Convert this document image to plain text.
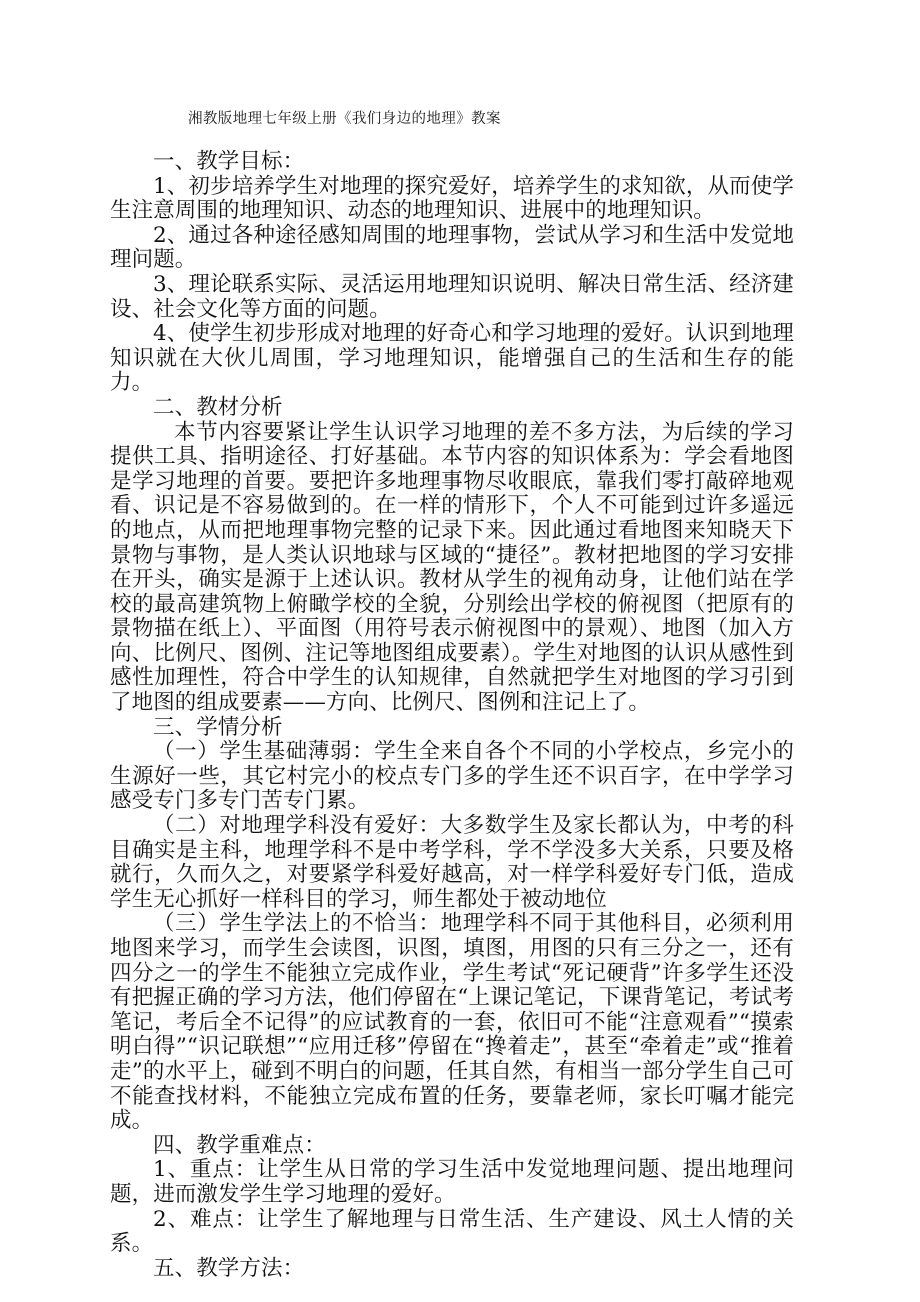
湘教版地理七年级上册《我们身边的地理》教案

一、教学目标：

1、初步培养学生对地理的探究爱好，培养学生的求知欲，从而使学生注意周围的地理知识、动态的地理知识、进展中的地理知识。

2、通过各种途径感知周围的地理事物，尝试从学习和生活中发觉地理问题。

3、理论联系实际、灵活运用地理知识说明、解决日常生活、经济建设、社会文化等方面的问题。

4、使学生初步形成对地理的好奇心和学习地理的爱好。认识到地理知识就在大伙儿周围，学习地理知识，能增强自己的生活和生存的能力。

二、教材分析

本节内容要紧让学生认识学习地理的差不多方法，为后续的学习提供工具、指明途径、打好基础。本节内容的知识体系为：学会看地图是学习地理的首要。要把许多地理事物尽收眼底，靠我们零打敲碎地观看、识记是不容易做到的。在一样的情形下，个人不可能到过许多遥远的地点，从而把地理事物完整的记录下来。因此通过看地图来知晓天下景物与事物，是人类认识地球与区域的“捷径”。教材把地图的学习安排在开头，确实是源于上述认识。教材从学生的视角动身，让他们站在学校的最高建筑物上俯瞰学校的全貌，分别绘出学校的俯视图（把原有的景物描在纸上）、平面图（用符号表示俯视图中的景观）、地图（加入方向、比例尺、图例、注记等地图组成要素）。学生对地图的认识从感性到感性加理性，符合中学生的认知规律，自然就把学生对地图的学习引到了地图的组成要素——方向、比例尺、图例和注记上了。

三、学情分析

（一）学生基础薄弱：学生全来自各个不同的小学校点，乡完小的生源好一些，其它村完小的校点专门多的学生还不识百字，在中学学习感受专门多专门苦专门累。

（二）对地理学科没有爱好：大多数学生及家长都认为，中考的科目确实是主科，地理学科不是中考学科，学不学没多大关系，只要及格就行，久而久之，对要紧学科爱好越高，对一样学科爱好专门低，造成学生无心抓好一样科目的学习，师生都处于被动地位

（三）学生学法上的不恰当：地理学科不同于其他科目，必须利用地图来学习，而学生会读图，识图，填图，用图的只有三分之一，还有四分之一的学生不能独立完成作业，学生考试“死记硬背”许多学生还没有把握正确的学习方法，他们停留在“上课记笔记，下课背笔记，考试考笔记，考后全不记得”的应试教育的一套，依旧可不能“注意观看”“摸索明白得”“识记联想”“应用迁移”停留在“搀着走”，甚至“牵着走”或“推着走”的水平上，碰到不明白的问题，任其自然，有相当一部分学生自己可不能查找材料，不能独立完成布置的任务，要靠老师，家长叮嘱才能完成。

四、教学重难点：

1、重点：让学生从日常的学习生活中发觉地理问题、提出地理问题，进而激发学生学习地理的爱好。

2、难点：让学生了解地理与日常生活、生产建设、风土人情的关系。

五、教学方法：
